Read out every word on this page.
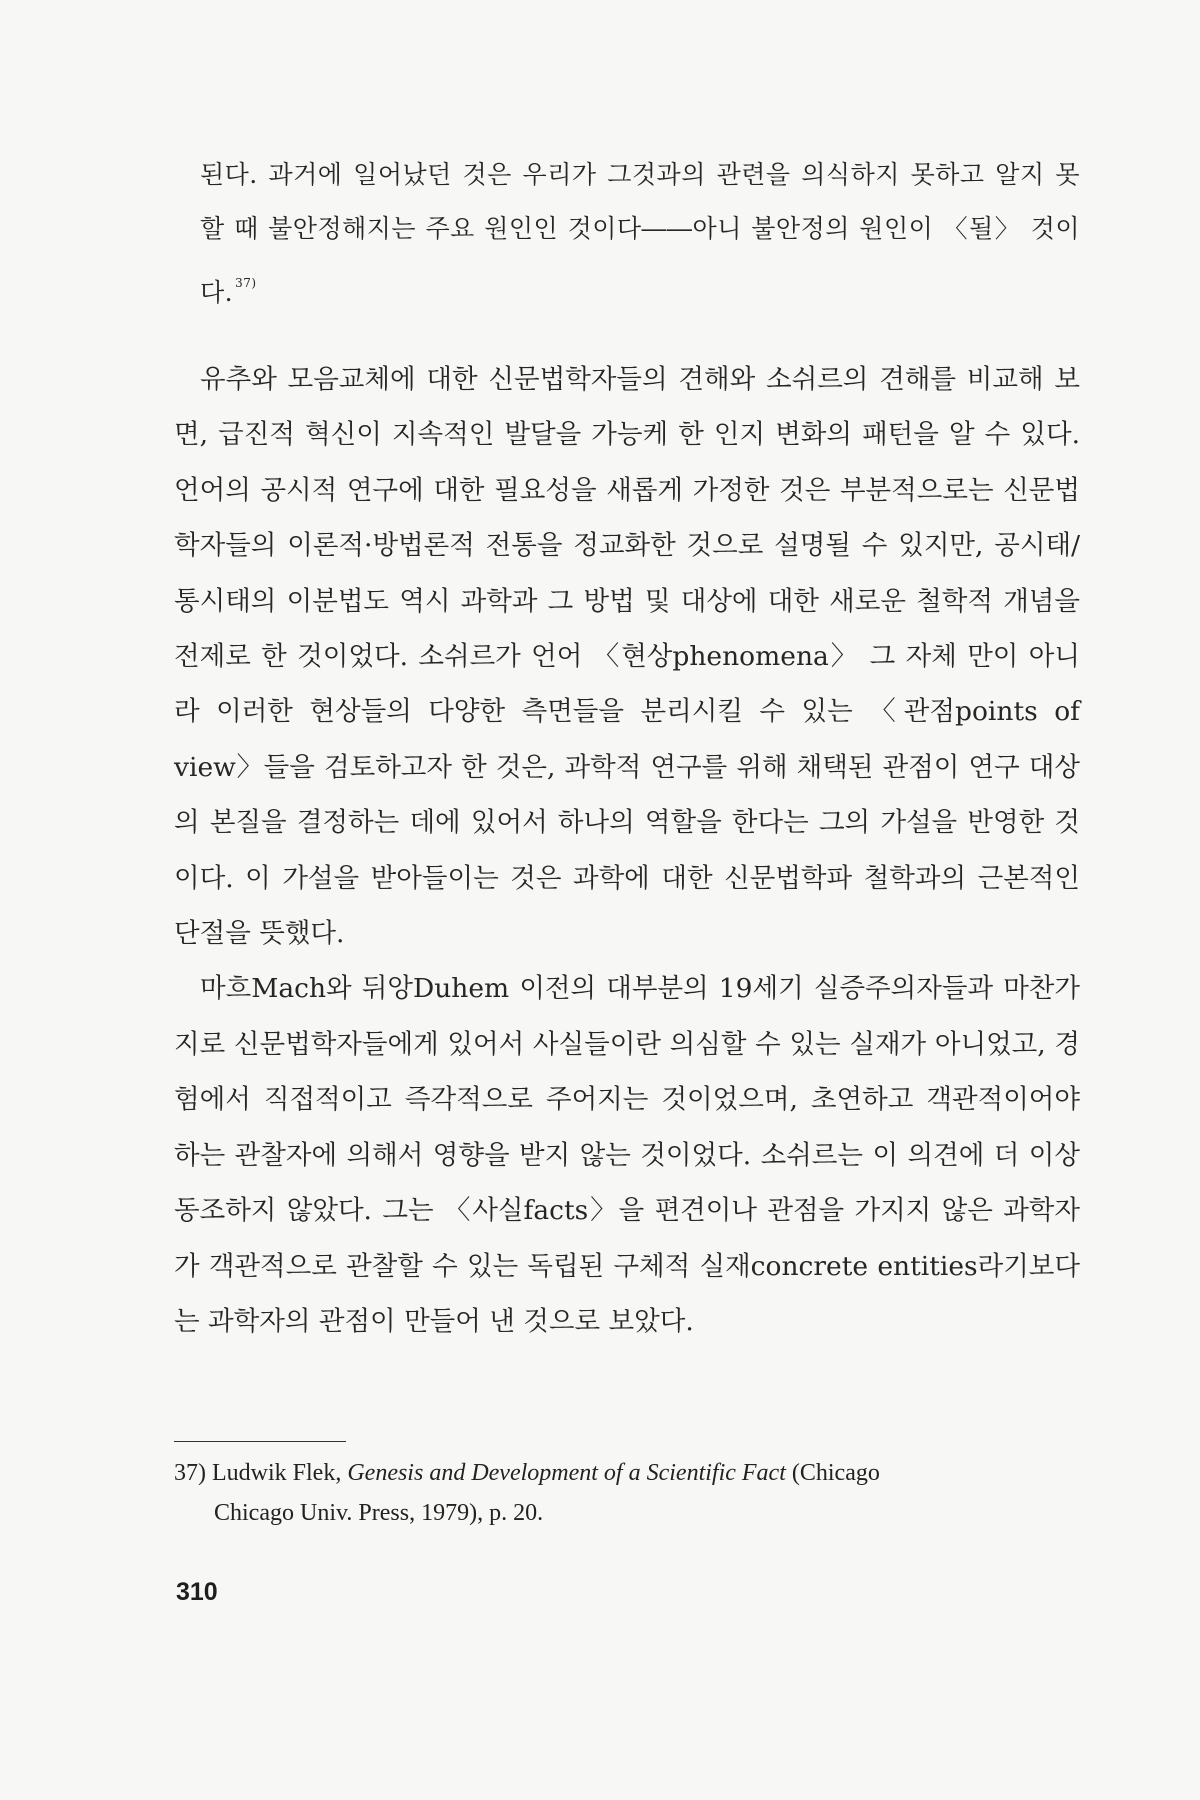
된다. 과거에 일어났던 것은 우리가 그것과의 관련을 의식하지 못하고 알지 못할 때 불안정해지는 주요 원인인 것이다――아니 불안정의 원인이 〈될〉 것이다. $^{37)}$

유추와 모음교체에 대한 신문법학자들의 견해와 소쉬르의 견해를 비교해 보면, 급진적 혁신이 지속적인 발달을 가능케 한 인지 변화의 패턴을 알 수 있다. 언어의 공시적 연구에 대한 필요성을 새롭게 가정한 것은 부분적으로는 신문법학자들의 이론적·방법론적 전통을 정교화한 것으로 설명될 수 있지만, 공시태/통시태의 이분법도 역시 과학과 그 방법 및 대상에 대한 새로운 철학적 개념을 전제로 한 것이었다. 소쉬르가 언어 〈현상phenomena〉 그 자체 만이 아니라 이러한 현상들의 다양한 측면들을 분리시킬 수 있는 〈관점points of view〉들을 검토하고자 한 것은, 과학적 연구를 위해 채택된 관점이 연구 대상의 본질을 결정하는 데에 있어서 하나의 역할을 한다는 그의 가설을 반영한 것이다. 이 가설을 받아들이는 것은 과학에 대한 신문법학파 철학과의 근본적인 단절을 뜻했다.

마흐Mach와 뒤앙Duhem 이전의 대부분의 19세기 실증주의자들과 마찬가지로 신문법학자들에게 있어서 사실들이란 의심할 수 있는 실재가 아니었고, 경험에서 직접적이고 즉각적으로 주어지는 것이었으며, 초연하고 객관적이어야 하는 관찰자에 의해서 영향을 받지 않는 것이었다. 소쉬르는 이 의견에 더 이상 동조하지 않았다. 그는 〈사실facts〉을 편견이나 관점을 가지지 않은 과학자가 객관적으로 관찰할 수 있는 독립된 구체적 실재concrete entities라기보다는 과학자의 관점이 만들어 낸 것으로 보았다.

37) Ludwik Flek, Genesis and Development of a Scientific Fact (Chicago
Chicago Univ. Press, 1979), p. 20.
310
